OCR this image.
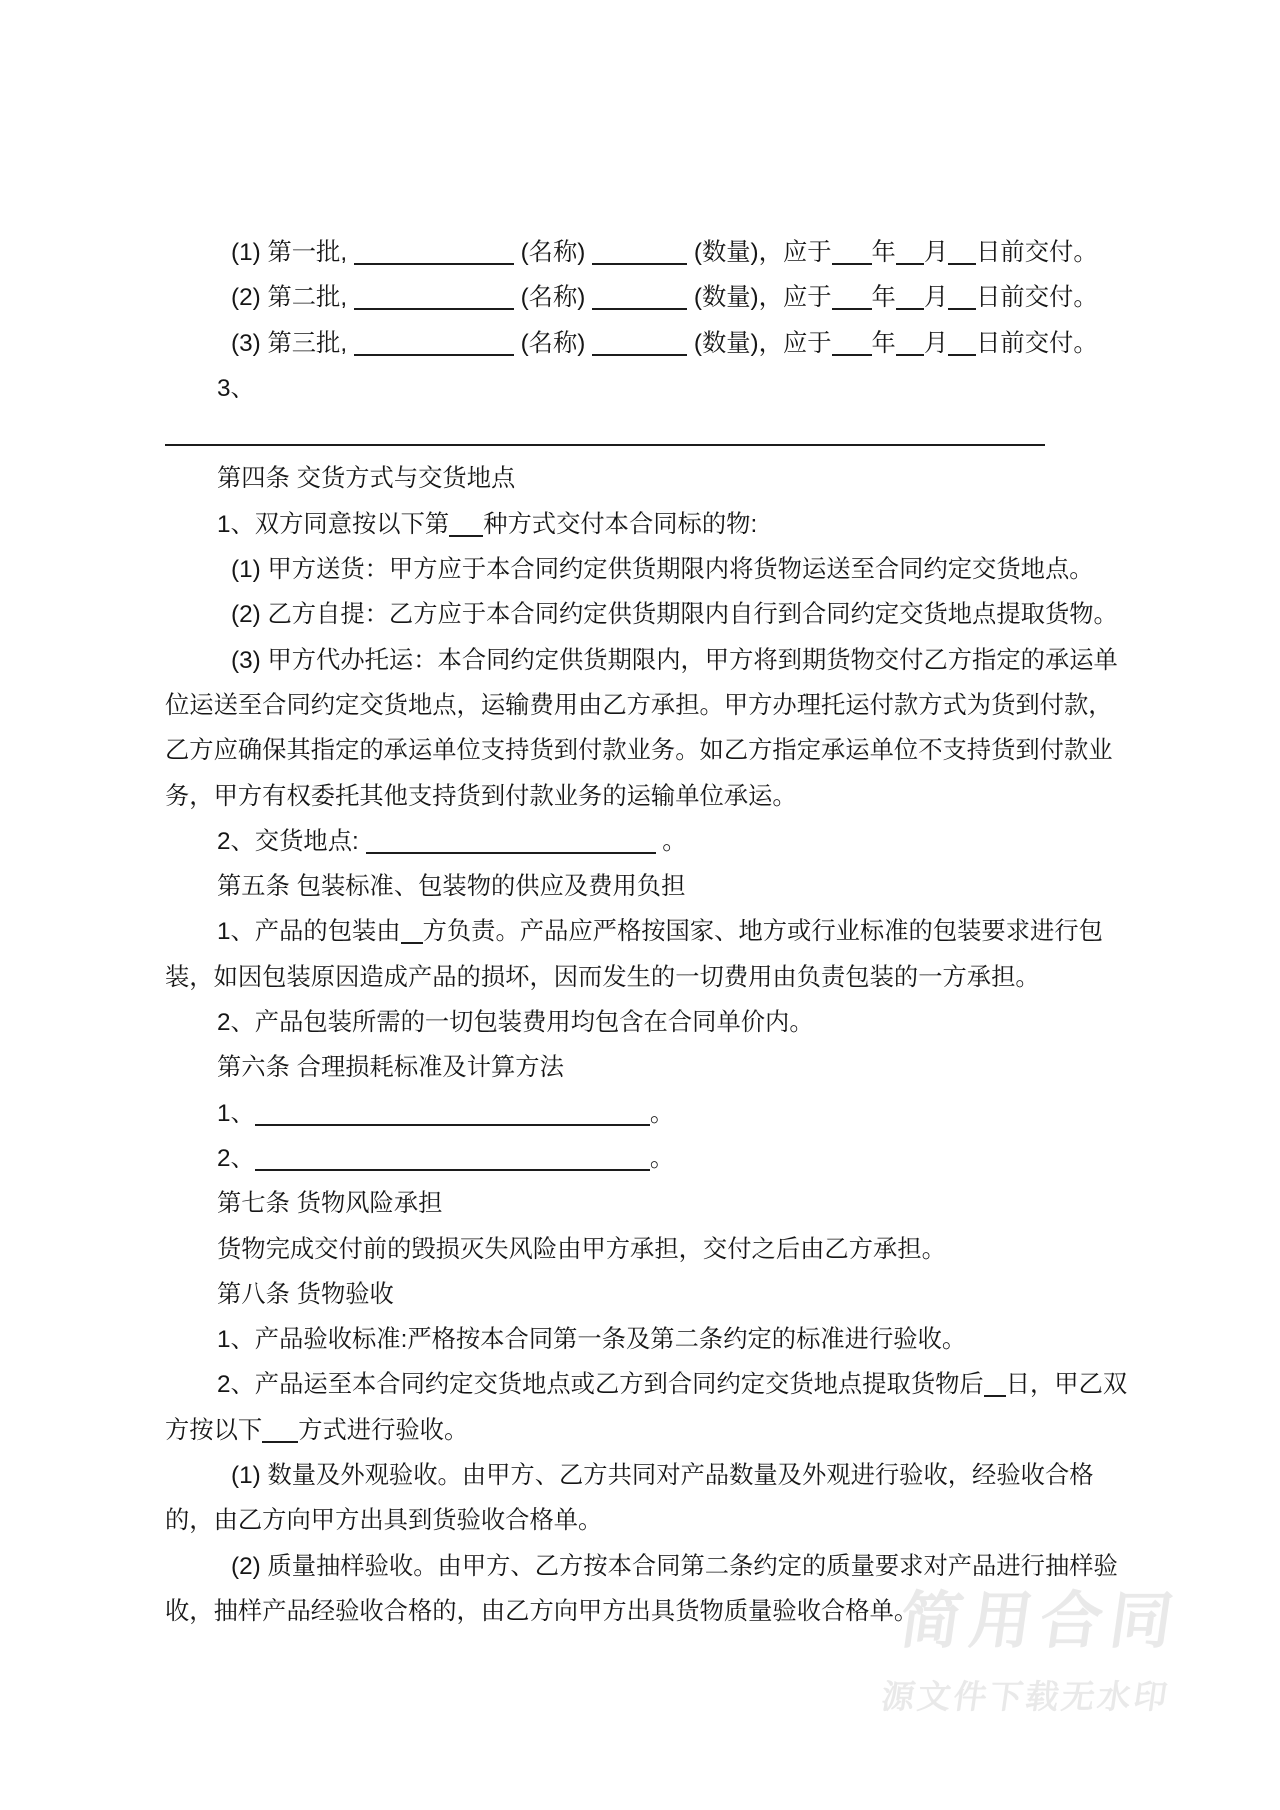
(1) 第一批,	(名称)	(数量)，应于 年 月 日前交付。

(2) 第二批,	(名称)	(数量)，应于 年 月 日前交付。

(3) 第三批,	(名称)	(数量)，应于 年 月 日前交付。

3、

第四条 交货方式与交货地点

1、双方同意按以下第 种方式交付本合同标的物:

(1) 甲方送货：甲方应于本合同约定供货期限内将货物运送至合同约定交货地点。

(2) 乙方自提：乙方应于本合同约定供货期限内自行到合同约定交货地点提取货物。

(3) 甲方代办托运：本合同约定供货期限内，甲方将到期货物交付乙方指定的承运单位运送至合同约定交货地点，运输费用由乙方承担。甲方办理托运付款方式为货到付款，乙方应确保其指定的承运单位支持货到付款业务。如乙方指定承运单位不支持货到付款业务，甲方有权委托其他支持货到付款业务的运输单位承运。

2、交货地点:	。

第五条 包装标准、包装物的供应及费用负担

1、产品的包装由 方负责。产品应严格按国家、地方或行业标准的包装要求进行包装，如因包装原因造成产品的损坏，因而发生的一切费用由负责包装的一方承担。

2、产品包装所需的一切包装费用均包含在合同单价内。

第六条 合理损耗标准及计算方法

1、	。

2、	。

第七条 货物风险承担

货物完成交付前的毁损灭失风险由甲方承担，交付之后由乙方承担。

第八条 货物验收

1、产品验收标准:严格按本合同第一条及第二条约定的标准进行验收。

2、产品运至本合同约定交货地点或乙方到合同约定交货地点提取货物后 日，甲乙双方按以下 方式进行验收。

(1) 数量及外观验收。由甲方、乙方共同对产品数量及外观进行验收，经验收合格的，由乙方向甲方出具到货验收合格单。

(2) 质量抽样验收。由甲方、乙方按本合同第二条约定的质量要求对产品进行抽样验收，抽样产品经验收合格的，由乙方向甲方出具货物质量验收合格单。

简用合同
源文件下载无水印
